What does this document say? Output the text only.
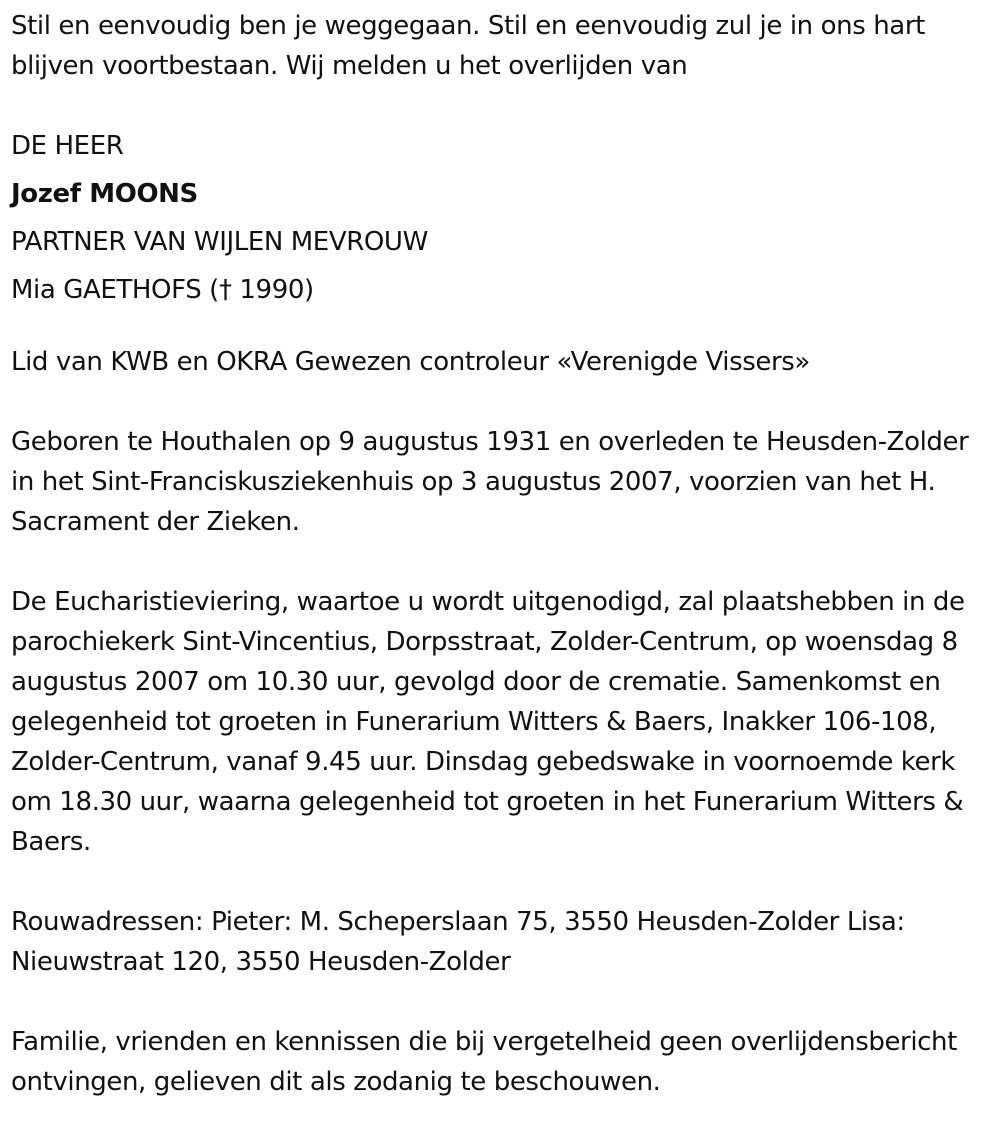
Stil en eenvoudig ben je weggegaan. Stil en eenvoudig zul je in ons hart blijven voortbestaan. Wij melden u het overlijden van

DE HEER
Jozef MOONS
PARTNER VAN WIJLEN MEVROUW
Mia GAETHOFS († 1990)

Lid van KWB en OKRA Gewezen controleur «Verenigde Vissers»

Geboren te Houthalen op 9 augustus 1931 en overleden te Heusden-Zolder in het Sint-Franciskusziekenhuis op 3 augustus 2007, voorzien van het H. Sacrament der Zieken.

De Eucharistieviering, waartoe u wordt uitgenodigd, zal plaatshebben in de parochiekerk Sint-Vincentius, Dorpsstraat, Zolder-Centrum, op woensdag 8 augustus 2007 om 10.30 uur, gevolgd door de crematie. Samenkomst en gelegenheid tot groeten in Funerarium Witters & Baers, Inakker 106-108, Zolder-Centrum, vanaf 9.45 uur. Dinsdag gebedswake in voornoemde kerk om 18.30 uur, waarna gelegenheid tot groeten in het Funerarium Witters & Baers.

Rouwadressen: Pieter: M. Scheperslaan 75, 3550 Heusden-Zolder Lisa: Nieuwstraat 120, 3550 Heusden-Zolder

Familie, vrienden en kennissen die bij vergetelheid geen overlijdensbericht ontvingen, gelieven dit als zodanig te beschouwen.
